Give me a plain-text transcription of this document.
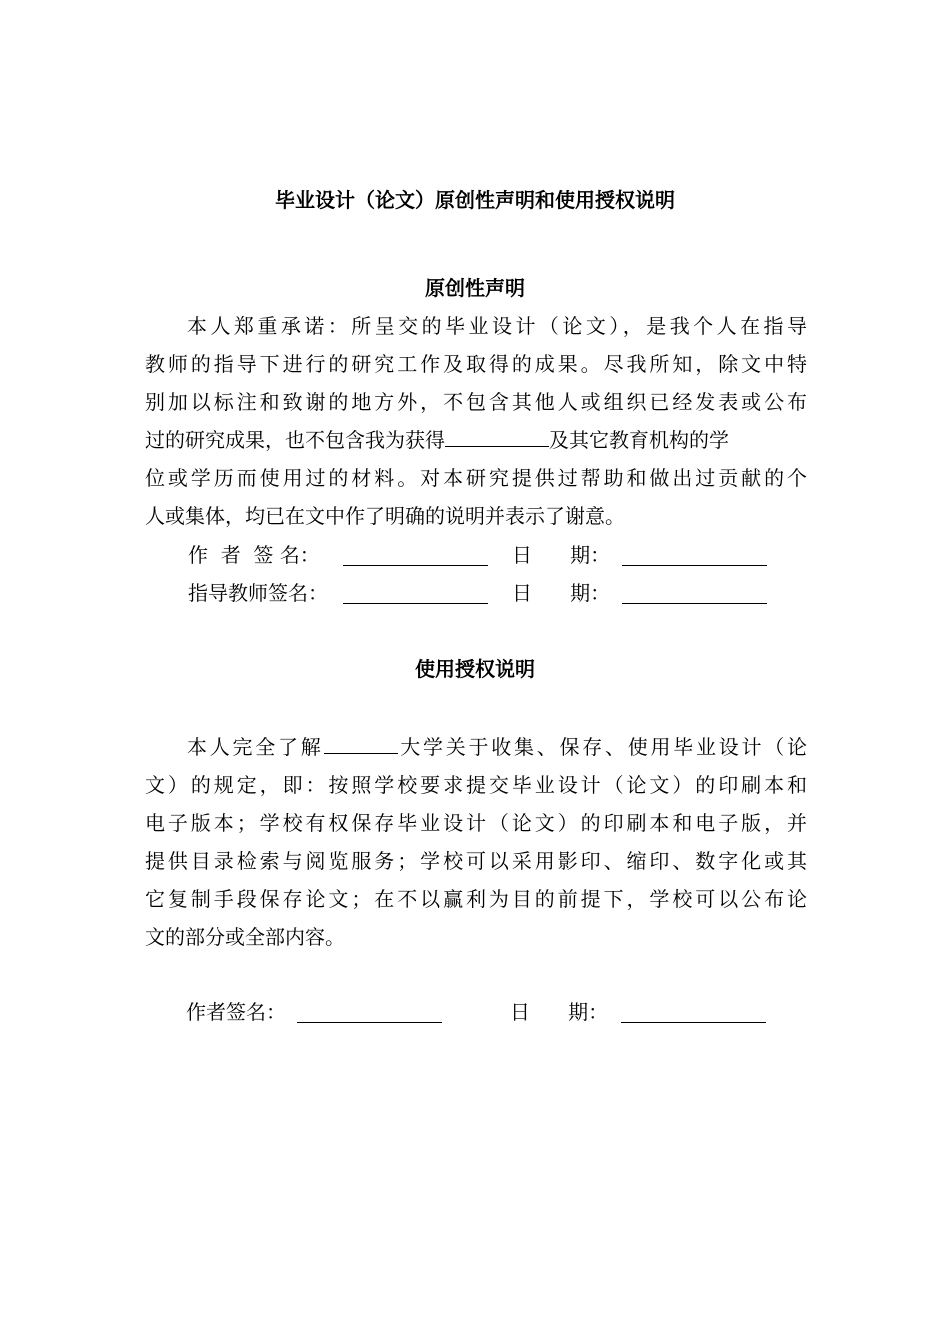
毕业设计（论文）原创性声明和使用授权说明
原创性声明
本人郑重承诺：所呈交的毕业设计（论文），是我个人在指导
教师的指导下进行的研究工作及取得的成果。尽我所知，除文中特
别加以标注和致谢的地方外，不包含其他人或组织已经发表或公布
过的研究成果，也不包含我为获得	及其它教育机构的学
位或学历而使用过的材料。对本研究提供过帮助和做出过贡献的个
人或集体，均已在文中作了明确的说明并表示了谢意。
作  者  签 名：	日      期：
指导教师签名：	日      期：
使用授权说明
本人完全了解	大学关于收集、保存、使用毕业设计（论
文）的规定，即：按照学校要求提交毕业设计（论文）的印刷本和
电子版本；学校有权保存毕业设计（论文）的印刷本和电子版，并
提供目录检索与阅览服务；学校可以采用影印、缩印、数字化或其
它复制手段保存论文；在不以赢利为目的前提下，学校可以公布论
文的部分或全部内容。
作者签名：	日      期：
